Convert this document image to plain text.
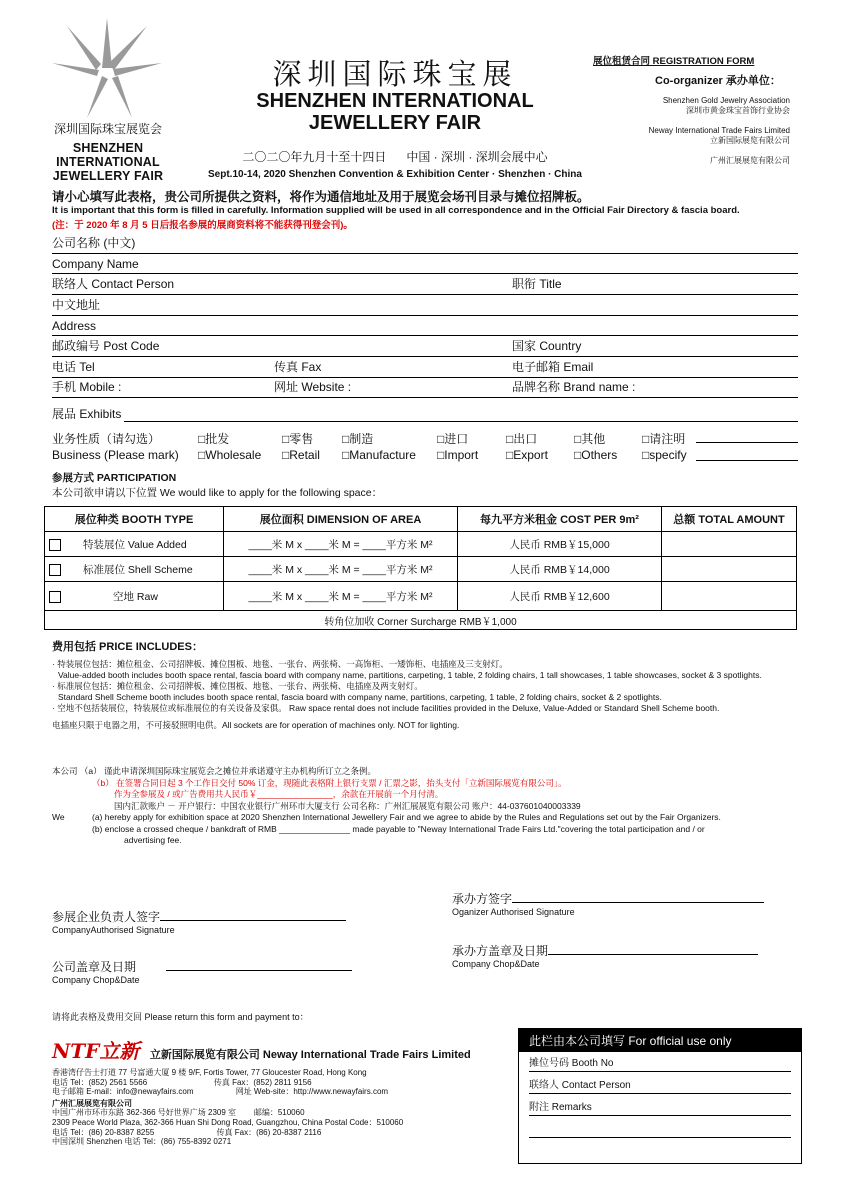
深圳国际珠宝展览会
SHENZHEN
INTERNATIONAL
JEWELLERY FAIR
深圳国际珠宝展
SHENZHEN INTERNATIONAL
JEWELLERY FAIR
二〇二〇年九月十至十四日      中国 · 深圳 · 深圳会展中心
Sept.10-14, 2020 Shenzhen Convention & Exhibition Center · Shenzhen · China
展位租赁合同 REGISTRATION FORM
Co-organizer 承办单位：
Shenzhen Gold Jewelry Association
深圳市黄金珠宝首饰行业协会
Neway International Trade Fairs Limited
立新国际展览有限公司
广州汇展展览有限公司
请小心填写此表格，贵公司所提供之资料，将作为通信地址及用于展览会场刊目录与摊位招牌板。
It is important that this form is filled in carefully. Information supplied will be used in all correspondence and in the Official Fair Directory & fascia board.
(注：于 2020 年 8 月 5 日后报名参展的展商资料将不能获得刊登会刊)。
公司名称 (中文)
Company Name
联络人 Contact Person	职衔 Title
中文地址
Address
邮政编号 Post Code	国家 Country
电话 Tel	传真 Fax	电子邮箱 Email
手机 Mobile :	网址 Website :	品牌名称 Brand name :
展品 Exhibits
业务性质（请勾选）
Business (Please mark)
□批发	□零售 □制造	□进口	□出口	□其他	□请注明
□Wholesale □Retail □Manufacture □Import □Export □Others □specify
参展方式 PARTICIPATION
本公司欲申请以下位置 We would like to apply for the following space：
展位种类 BOOTH TYPE	展位面积 DIMENSION OF AREA	每九平方米租金 COST PER 9m²	总额 TOTAL AMOUNT
特装展位 Value Added	____米 M x ____米 M = ____平方米 M²	人民币 RMB￥15,000	
标准展位 Shell Scheme	____米 M x ____米 M = ____平方米 M²	人民币 RMB￥14,000	
空地 Raw	____米 M x ____米 M = ____平方米 M²	人民币 RMB￥12,600	
转角位加收 Corner Surcharge RMB￥1,000			
费用包括 PRICE INCLUDES：
· 特装展位包括：摊位租金、公司招牌板、摊位围板、地毯、一张台、两张椅、一高饰柜、一矮饰柜、电插座及三支射灯。
Value-added booth includes booth space rental, fascia board with company name, partitions, carpeting, 1 table, 2 folding chairs, 1 tall showcases, 1 table showcases, socket & 3 spotlights.
· 标准展位包括：摊位租金、公司招牌板、摊位围板、地毯、一张台、两张椅、电插座及两支射灯。
Standard Shell Scheme booth includes booth space rental, fascia board with company name, partitions, carpeting, 1 table, 2 folding chairs, socket & 2 spotlights.
· 空地不包括装展位，特装展位或标准展位的有关设备及家俱。 Raw space rental does not include facilities provided in the Deluxe, Value-Added or Standard Shell Scheme booth.
电插座只限于电器之用，不可接驳照明电供。All sockets are for operation of machines only. NOT for lighting.
本公司 （a） 谨此申请深圳国际珠宝展览会之摊位并承诺遵守主办机构所订立之条例。
（b） 在签署合同日起 3 个工作日交付 50% 订金，现随此表格附上银行支票 / 汇票之影，抬头支付「立新国际展览有限公司」。
作为全参展及 / 或广告费用共人民币￥________________，余款在开展前一个月付清。
国内汇款账户 － 开户银行：中国农业银行广州环市大厦支行 公司名称：广州汇展展览有限公司 账户：44-037601040003339
We	(a) hereby apply for exhibition space at 2020 Shenzhen International Jewellery Fair and we agree to abide by the Rules and Regulations set out by the Fair Organizers.
(b) enclose a crossed cheque / bankdraft of RMB _______________ made payable to "Neway International Trade Fairs Ltd."covering the total participation and / or
advertising fee.
承办方签字
Oganizer Authorised Signature
参展企业负责人签字
CompanyAuthorised Signature
承办方盖章及日期
Company Chop&Date
公司盖章及日期
Company Chop&Date
请将此表格及费用交回 Please return this form and payment to：
NTF立新 立新国际展览有限公司 Neway International Trade Fairs Limited
香港湾仔告士打道 77 号富通大厦 9 楼 9/F, Fortis Tower, 77 Gloucester Road, Hong Kong
电话 Tel：(852) 2561 5566                              传真 Fax：(852) 2811 9156
电子邮箱 E-mail：info@newayfairs.com                   网址 Web-site：http://www.newayfairs.com
广州汇展展览有限公司
中国广州市环市东路 362-366 号好世界广场 2309 室        邮编：510060
2309 Peace World Plaza, 362-366 Huan Shi Dong Road, Guangzhou, China Postal Code：510060
电话 Tel：(86) 20-8387 8255                            传真 Fax：(86) 20-8387 2116
中国深圳 Shenzhen 电话 Tel：(86) 755-8392 0271
此栏由本公司填写 For official use only
摊位号码 Booth No
联络人 Contact Person
附注 Remarks
